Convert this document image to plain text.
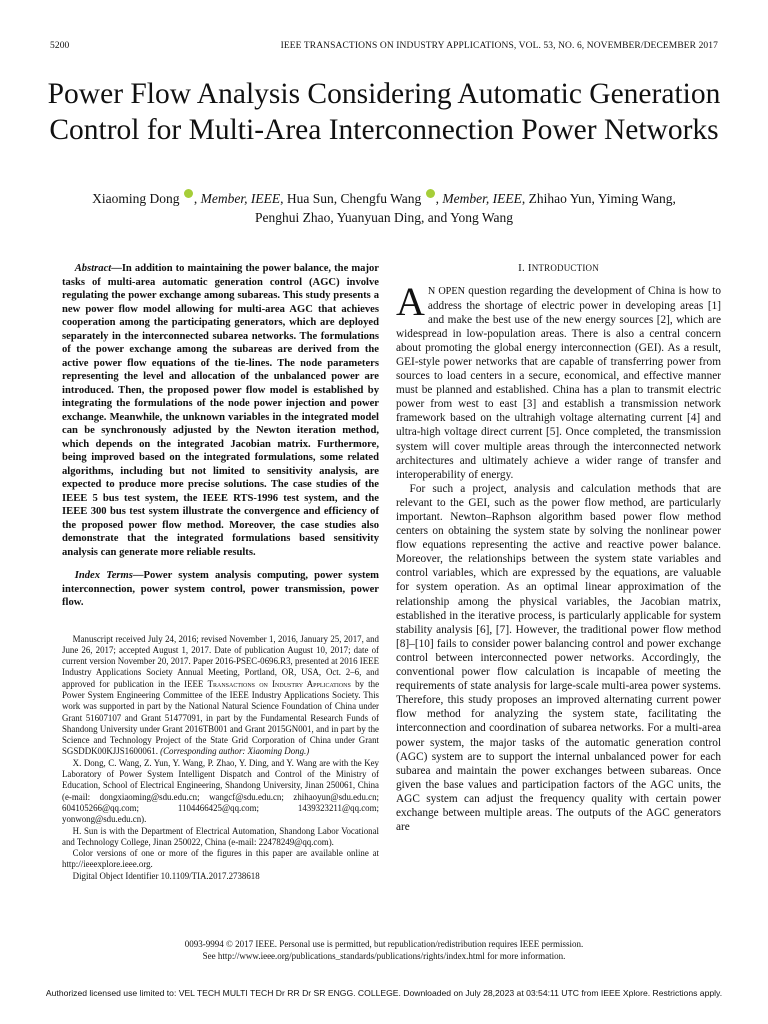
5200	IEEE TRANSACTIONS ON INDUSTRY APPLICATIONS, VOL. 53, NO. 6, NOVEMBER/DECEMBER 2017
Power Flow Analysis Considering Automatic Generation Control for Multi-Area Interconnection Power Networks
Xiaoming Dong , Member, IEEE, Hua Sun, Chengfu Wang , Member, IEEE, Zhihao Yun, Yiming Wang,
Penghui Zhao, Yuanyuan Ding, and Yong Wang

Abstract—In addition to maintaining the power balance, the major tasks of multi-area automatic generation control (AGC) involve regulating the power exchange among subareas. This study presents a new power flow model allowing for multi-area AGC that achieves cooperation among the participating generators, which are deployed separately in the interconnected subarea networks. The formulations of the power exchange among the subareas are derived from the active power flow equations of the tie-lines. The node parameters representing the level and allocation of the unbalanced power are introduced. Then, the proposed power flow model is established by integrating the formulations of the node power injection and power exchange. Meanwhile, the unknown variables in the integrated model can be synchronously adjusted by the Newton iteration method, which depends on the integrated Jacobian matrix. Furthermore, being improved based on the integrated formulations, some related algorithms, including but not limited to sensitivity analysis, are expected to produce more precise solutions. The case studies of the IEEE 5 bus test system, the IEEE RTS-1996 test system, and the IEEE 300 bus test system illustrate the convergence and efficiency of the proposed power flow method. Moreover, the case studies also demonstrate that the integrated formulations based sensitivity analysis can generate more reliable results.

Index Terms—Power system analysis computing, power system interconnection, power system control, power transmission, power flow.

Manuscript received July 24, 2016; revised November 1, 2016, January 25, 2017, and June 26, 2017; accepted August 1, 2017. Date of publication August 10, 2017; date of current version November 20, 2017. Paper 2016-PSEC-0696.R3, presented at 2016 IEEE Industry Applications Society Annual Meeting, Portland, OR, USA, Oct. 2–6, and approved for publication in the IEEE Transactions on Industry Applications by the Power System Engineering Committee of the IEEE Industry Applications Society. This work was supported in part by the National Natural Science Foundation of China under Grant 51607107 and Grant 51477091, in part by the Fundamental Research Funds of Shandong University under Grant 2016TB001 and Grant 2015GN001, and in part by the Science and Technology Project of the State Grid Corporation of China under Grant SGSDDK00KJJS1600061. (Corresponding author: Xiaoming Dong.)

X. Dong, C. Wang, Z. Yun, Y. Wang, P. Zhao, Y. Ding, and Y. Wang are with the Key Laboratory of Power System Intelligent Dispatch and Control of the Ministry of Education, School of Electrical Engineering, Shandong University, Jinan 250061, China (e-mail: dongxiaoming@sdu.edu.cn; wangcf@sdu.edu.cn; zhihaoyun@sdu.edu.cn; 604105266@qq.com; 1104466425@qq.com; 1439323211@qq.com; yonwong@sdu.edu.cn).

H. Sun is with the Department of Electrical Automation, Shandong Labor Vocational and Technology College, Jinan 250022, China (e-mail: 22478249@qq.com).

Color versions of one or more of the figures in this paper are available online at http://ieeexplore.ieee.org.

Digital Object Identifier 10.1109/TIA.2017.2738618

I. INTRODUCTION

A N OPEN question regarding the development of China is how to address the shortage of electric power in developing areas [1] and make the best use of the new energy sources [2], which are widespread in low-population areas. There is also a central concern about promoting the global energy interconnection (GEI). As a result, GEI-style power networks that are capable of transferring power from sources to load centers in a secure, economical, and effective manner must be planned and established. China has a plan to transmit electric power from west to east [3] and establish a transmission network framework based on the ultrahigh voltage alternating current [4] and ultra-high voltage direct current [5]. Once completed, the transmission system will cover multiple areas through the interconnected network architectures and ultimately achieve a wider range of transfer and interoperability of energy.

For such a project, analysis and calculation methods that are relevant to the GEI, such as the power flow method, are particularly important. Newton–Raphson algorithm based power flow method centers on obtaining the system state by solving the nonlinear power flow equations representing the active and reactive power balance. Moreover, the relationships between the system state variables and control variables, which are expressed by the equations, are valuable for system operation. As an optimal linear approximation of the relationship among the physical variables, the Jacobian matrix, established in the iterative process, is particularly applicable for system stability analysis [6], [7]. However, the traditional power flow method [8]–[10] fails to consider power balancing control and power exchange control between interconnected power networks. Accordingly, the conventional power flow calculation is incapable of meeting the requirements of state analysis for large-scale multi-area power systems. Therefore, this study proposes an improved alternating current power flow method for analyzing the system state, facilitating the interconnection and coordination of subarea networks. For a multi-area power system, the major tasks of the automatic generation control (AGC) system are to support the internal unbalanced power for each subarea and maintain the power exchanges between subareas. Once given the base values and participation factors of the AGC units, the AGC system can adjust the frequency quality with certain power exchange between multiple areas. The outputs of the AGC generators are

0093-9994 © 2017 IEEE. Personal use is permitted, but republication/redistribution requires IEEE permission.
See http://www.ieee.org/publications_standards/publications/rights/index.html for more information.
Authorized licensed use limited to: VEL TECH MULTI TECH Dr RR Dr SR ENGG. COLLEGE. Downloaded on July 28,2023 at 03:54:11 UTC from IEEE Xplore. Restrictions apply.
